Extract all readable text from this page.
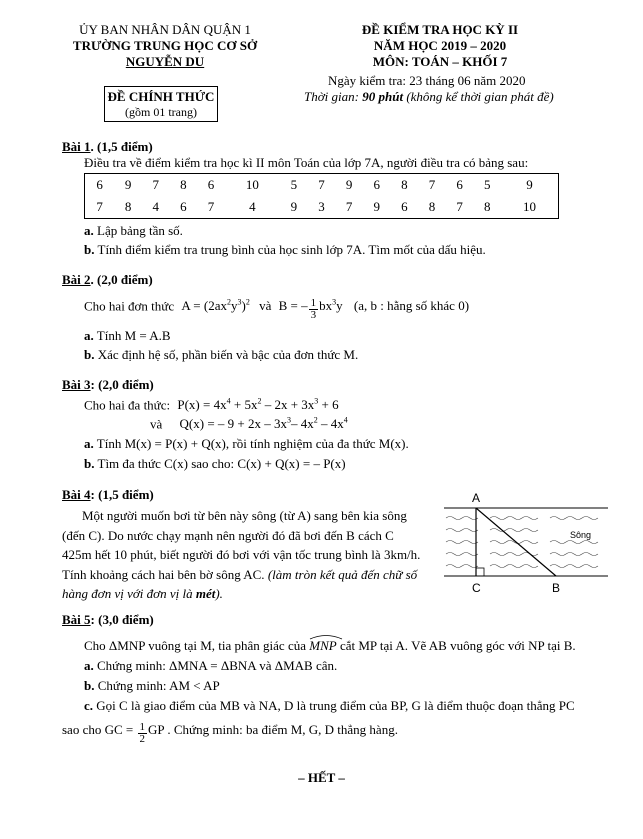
ỦY BAN NHÂN DÂN QUẬN 1
TRƯỜNG TRUNG HỌC CƠ SỞ
NGUYỄN DU
ĐỀ CHÍNH THỨC
(gồm 01 trang)
ĐỀ KIỂM TRA HỌC KỲ II
NĂM HỌC 2019 – 2020
MÔN: TOÁN – KHỐI 7
Ngày kiểm tra: 23 tháng 06 năm 2020
Thời gian: 90 phút (không kể thời gian phát đề)
Bài 1. (1,5 điểm)
Điều tra về điểm kiểm tra học kì II môn Toán của lớp 7A, người điều tra có bảng sau:
6	9	7	8	6	10	5	7	9	6	8	7	6	5	9
7	8	4	6	7	4	9	3	7	9	6	8	7	8	10
a. Lập bảng tần số.
b. Tính điểm kiểm tra trung bình của học sinh lớp 7A. Tìm mốt của dấu hiệu.
Bài 2. (2,0 điểm)
Cho hai đơn thức $A = (2ax^2y^3)^2$ và B = – $\frac{1}{3} bx^3y$ (a, b : hằng số khác 0)
a. Tính M = A.B
b. Xác định hệ số, phần biến và bậc của đơn thức M.
Bài 3: (2,0 điểm)
Cho hai đa thức: $P(x) = 4x^4 + 5x^2 - 2x + 3x^3 + 6$
và Q(x) = – $9 + 2x - 3x^3-$ $4x^2 - 4x^4$
a. Tính M(x) = P(x) + Q(x), rồi tính nghiệm của đa thức M(x).
b. Tìm đa thức C(x) sao cho: C(x) + Q(x) = – P(x)
Bài 4: (1,5 điểm)
Một người muốn bơi từ bên này sông (từ A) sang bên kia sông
(đến C). Do nước chạy mạnh nên người đó đã bơi đến B cách C
425m hết 10 phút, biết người đó bơi với vận tốc trung bình là 3km/h.
Tính khoảng cách hai bên bờ sông AC. (làm tròn kết quả đến chữ số
hàng đơn vị với đơn vị là mét).
A
Sông
C	B
Bài 5: (3,0 điểm)
Cho ΔMNP vuông tại M, tia phân giác của
MNP cắt MP tại A. Vẽ AB vuông góc với NP tại B.
a. Chứng minh: ΔMNA = ΔBNA và ΔMAB cân.
b. Chứng minh: AM < AP
c. Gọi C là giao điểm của MB và NA, D là trung điểm của BP, G là điểm thuộc đoạn thẳng PC
sao cho GC = $\frac{1}{2}$ GP . Chứng minh: ba điểm M, G, D thẳng hàng.
– HẾT –
